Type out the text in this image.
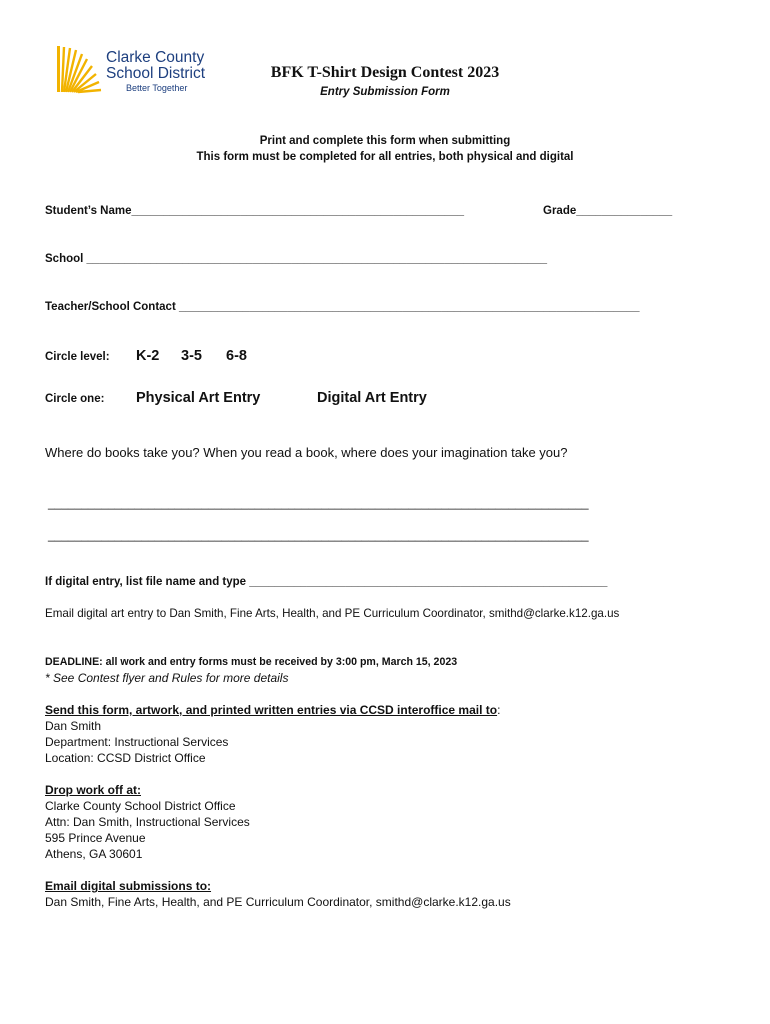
Clarke County
School District
Better Together
BFK T-Shirt Design Contest 2023
Entry Submission Form
Print and complete this form when submitting
This form must be completed for all entries, both physical and digital
Student’s Name____________________________________________________	Grade_______________
School ________________________________________________________________________
Teacher/School Contact ________________________________________________________________________
Circle level: K-2 3-5 6-8
Circle one: Physical Art Entry	Digital Art Entry
Where do books take you? When you read a book, where does your imagination take you?
_________________________________________________________________________________
_________________________________________________________________________________
If digital entry, list file name and type ________________________________________________________
Email digital art entry to Dan Smith, Fine Arts, Health, and PE Curriculum Coordinator, smithd@clarke.k12.ga.us
DEADLINE: all work and entry forms must be received by 3:00 pm, March 15, 2023
* See Contest flyer and Rules for more details
Send this form, artwork, and printed written entries via CCSD interoffice mail to:
Dan Smith
Department: Instructional Services
Location: CCSD District Office
Drop work off at:
Clarke County School District Office
Attn: Dan Smith, Instructional Services
595 Prince Avenue
Athens, GA 30601
Email digital submissions to:
Dan Smith, Fine Arts, Health, and PE Curriculum Coordinator, smithd@clarke.k12.ga.us
